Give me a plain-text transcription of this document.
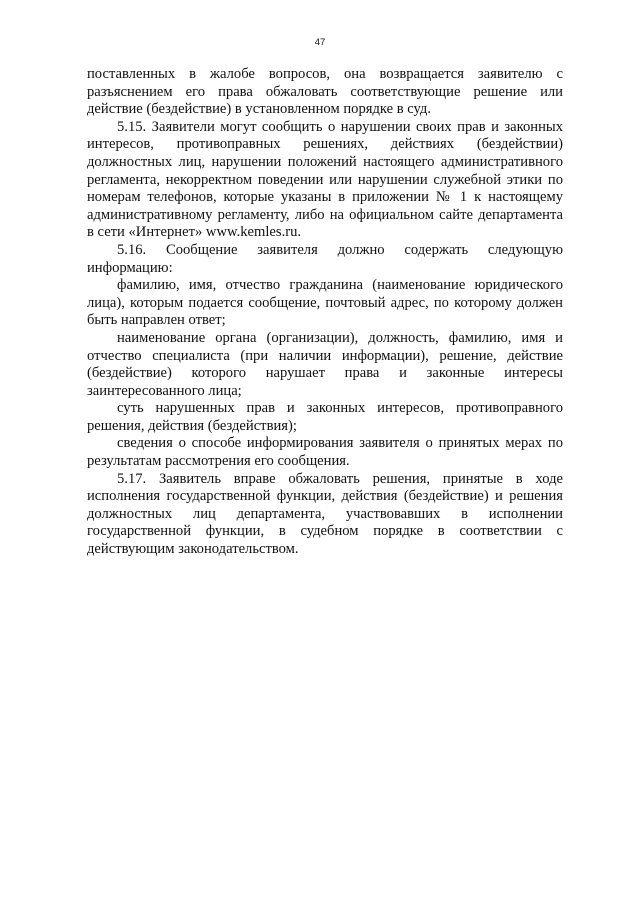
47

поставленных в жалобе вопросов, она возвращается заявителю с разъяснением его права обжаловать соответствующие решение или действие (бездействие) в установленном порядке в суд.

5.15. Заявители могут сообщить о нарушении своих прав и законных интересов, противоправных решениях, действиях (бездействии) должностных лиц, нарушении положений настоящего административного регламента, некорректном поведении или нарушении служебной этики по номерам телефонов, которые указаны в приложении № 1 к настоящему административному регламенту, либо на официальном сайте департамента в сети «Интернет» www.kemles.ru.

5.16. Сообщение заявителя должно содержать следующую информацию:

фамилию, имя, отчество гражданина (наименование юридического лица), которым подается сообщение, почтовый адрес, по которому должен быть направлен ответ;

наименование органа (организации), должность, фамилию, имя и отчество специалиста (при наличии информации), решение, действие (бездействие) которого нарушает права и законные интересы заинтересованного лица;

суть нарушенных прав и законных интересов, противоправного решения, действия (бездействия);

сведения о способе информирования заявителя о принятых мерах по результатам рассмотрения его сообщения.

5.17. Заявитель вправе обжаловать решения, принятые в ходе исполнения государственной функции, действия (бездействие) и решения должностных лиц департамента, участвовавших в исполнении государственной функции, в судебном порядке в соответствии с действующим законодательством.
